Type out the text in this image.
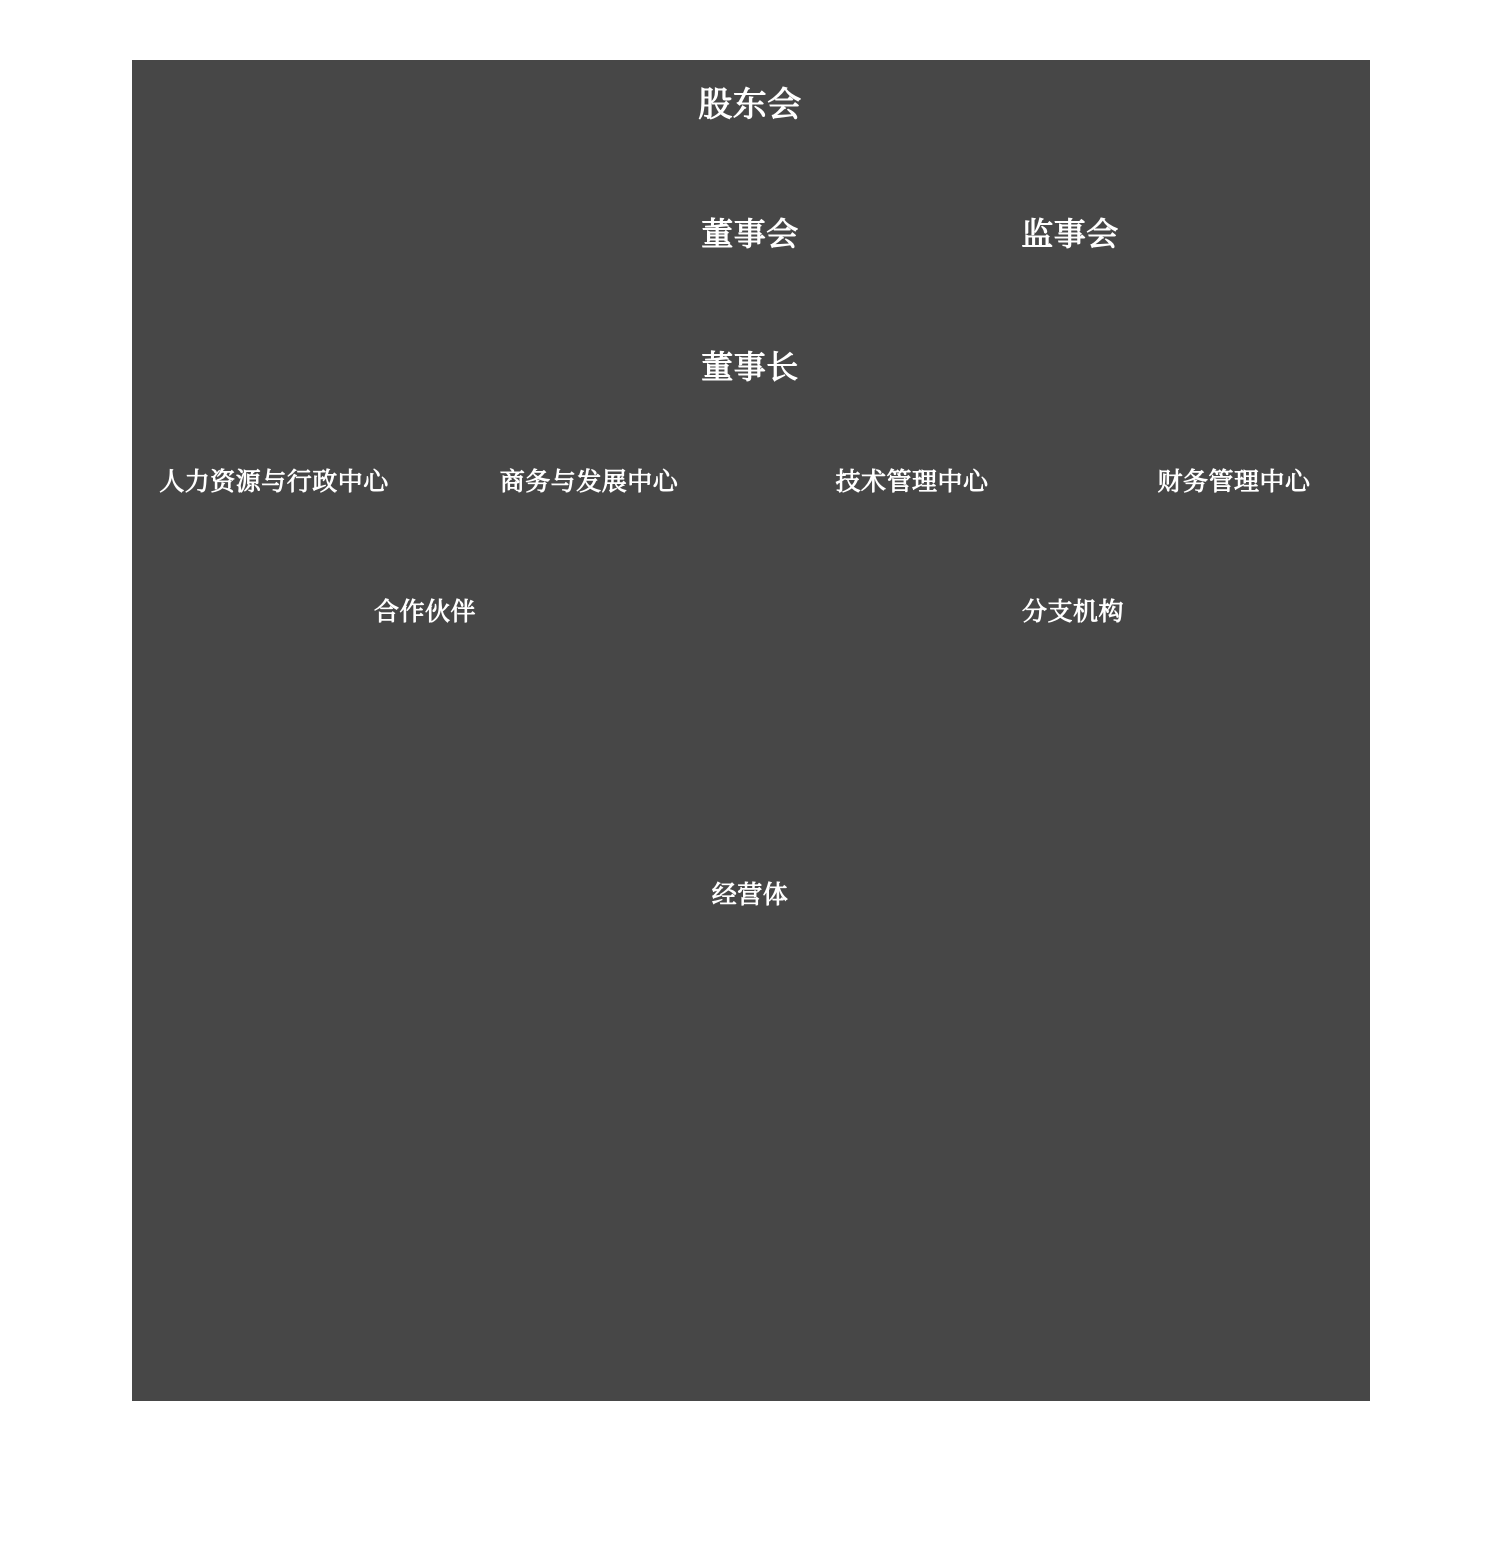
股东会
董事会	监事会
董事长
人力资源与行政中心	商务与发展中心	技术管理中心	财务管理中心
合作伙伴	分支机构
经营体
